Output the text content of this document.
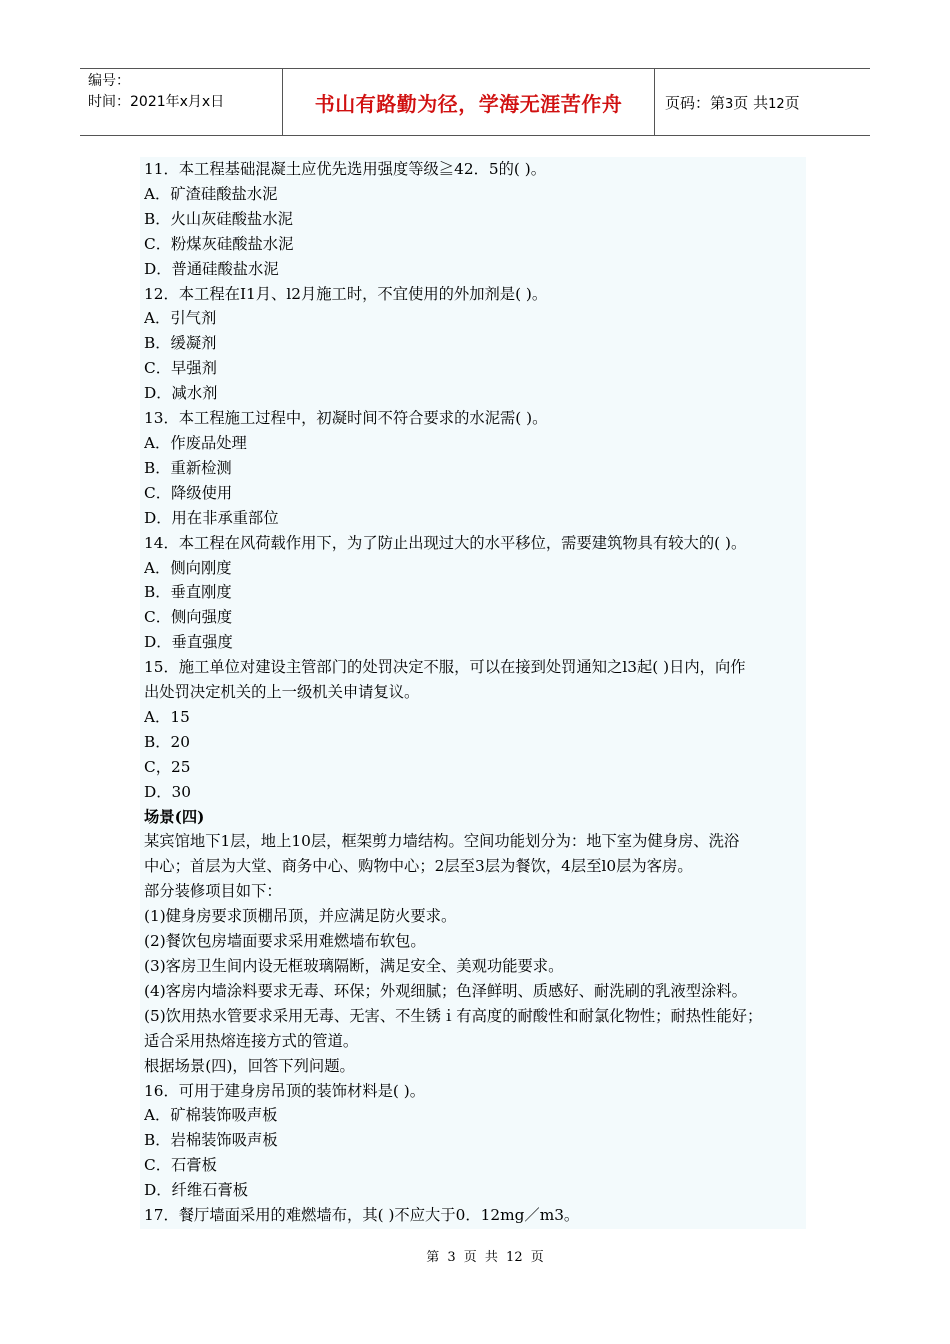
编号：
时间：2021年x月x日	书山有路勤为径，学海无涯苦作舟	页码：第3页 共12页
11．本工程基础混凝土应优先选用强度等级≧42．5的( )。
A．矿渣硅酸盐水泥
B．火山灰硅酸盐水泥
C．粉煤灰硅酸盐水泥
D．普通硅酸盐水泥
12．本工程在I1月、l2月施工时，不宜使用的外加剂是( )。
A．引气剂
B．缓凝剂
C．早强剂
D．减水剂
13．本工程施工过程中，初凝时间不符合要求的水泥需( )。
A．作废品处理
B．重新检测
C．降级使用
D．用在非承重部位
14．本工程在风荷载作用下，为了防止出现过大的水平移位，需要建筑物具有较大的( )。
A．侧向刚度
B．垂直刚度
C．侧向强度
D．垂直强度
15．施工单位对建设主管部门的处罚决定不服，可以在接到处罚通知之l3起( )日内，向作
出处罚决定机关的上一级机关申请复议。
A．15
B．20
C，25
D．30
场景(四)
某宾馆地下1层，地上10层，框架剪力墙结构。空间功能划分为：地下室为健身房、洗浴
中心；首层为大堂、商务中心、购物中心；2层至3层为餐饮，4层至l0层为客房。
部分装修项目如下：
(1)健身房要求顶棚吊顶，并应满足防火要求。
(2)餐饮包房墙面要求采用难燃墙布软包。
(3)客房卫生间内设无框玻璃隔断，满足安全、美观功能要求。
(4)客房内墙涂料要求无毒、环保；外观细腻；色泽鲜明、质感好、耐洗刷的乳液型涂料。
(5)饮用热水管要求采用无毒、无害、不生锈ｉ有高度的耐酸性和耐氯化物性；耐热性能好；
适合采用热熔连接方式的管道。
根据场景(四)，回答下列问题。
16．可用于建身房吊顶的装饰材料是( )。
A．矿棉装饰吸声板
B．岩棉装饰吸声板
C．石膏板
D．纤维石膏板
17．餐厅墙面采用的难燃墙布，其( )不应大于0．12mg／m3。
第 3 页 共 12 页
